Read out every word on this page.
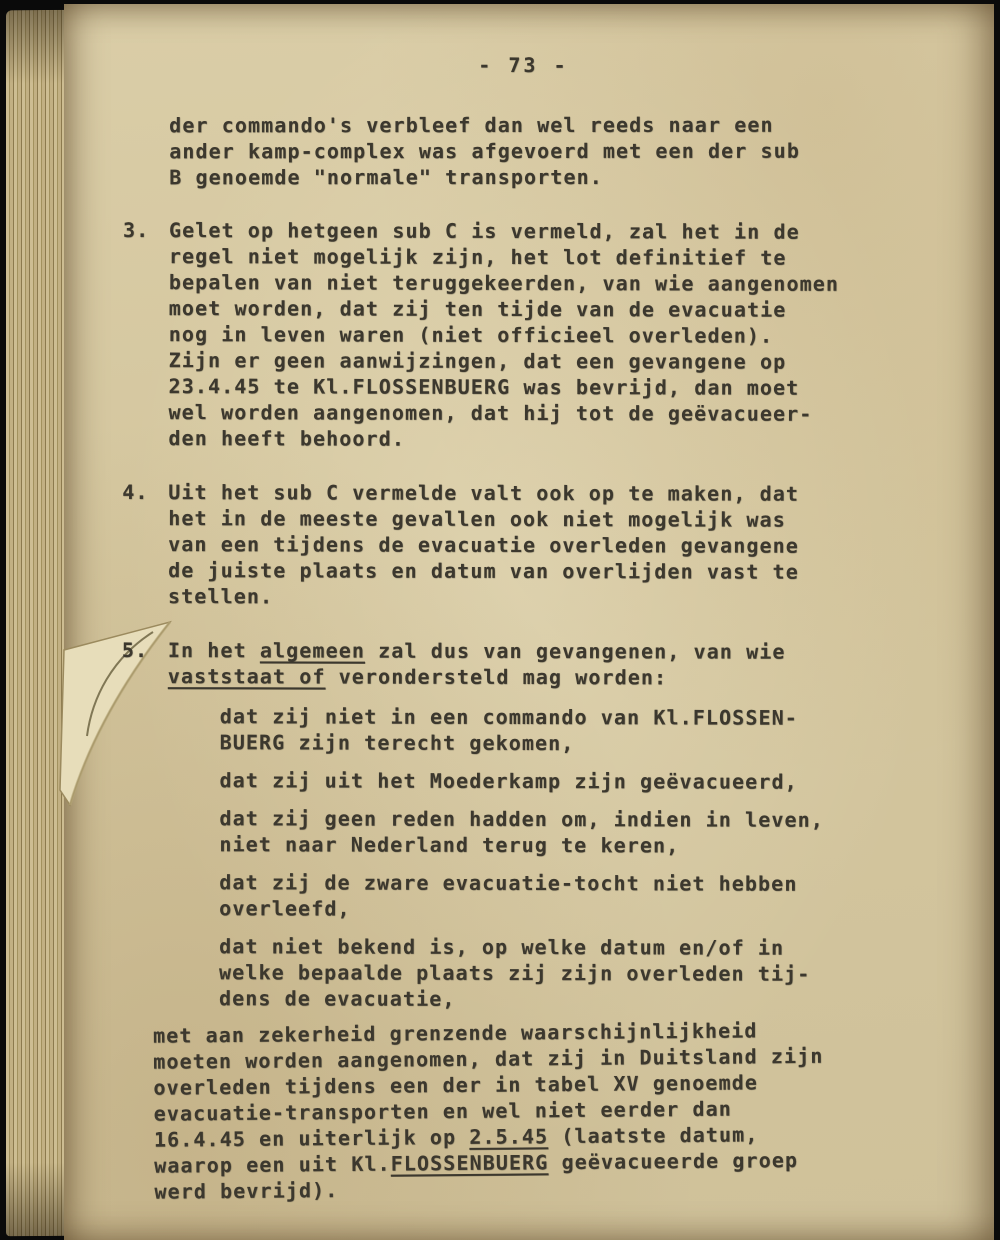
- 73 -

der commando's verbleef dan wel reeds naar een
ander kamp-complex was afgevoerd met een der sub
B genoemde "normale" transporten.

3. Gelet op hetgeen sub C is vermeld, zal het in de
regel niet mogelijk zijn, het lot definitief te
bepalen van niet teruggekeerden, van wie aangenomen
moet worden, dat zij ten tijde van de evacuatie
nog in leven waren (niet officieel overleden).
Zijn er geen aanwijzingen, dat een gevangene op
23.4.45 te Kl.FLOSSENBUERG was bevrijd, dan moet
wel worden aangenomen, dat hij tot de geëvacueer-
den heeft behoord.
4. Uit het sub C vermelde valt ook op te maken, dat
het in de meeste gevallen ook niet mogelijk was
van een tijdens de evacuatie overleden gevangene
de juiste plaats en datum van overlijden vast te
stellen.
5. In het algemeen zal dus van gevangenen, van wie
vaststaat of verondersteld mag worden:
dat zij niet in een commando van Kl.FLOSSEN-
BUERG zijn terecht gekomen,
dat zij uit het Moederkamp zijn geëvacueerd,
dat zij geen reden hadden om, indien in leven,
niet naar Nederland terug te keren,
dat zij de zware evacuatie-tocht niet hebben
overleefd,
dat niet bekend is, op welke datum en/of in
welke bepaalde plaats zij zijn overleden tij-
dens de evacuatie,
met aan zekerheid grenzende waarschijnlijkheid
moeten worden aangenomen, dat zij in Duitsland zijn
overleden tijdens een der in tabel XV genoemde
evacuatie-transporten en wel niet eerder dan
16.4.45 en uiterlijk op 2.5.45 (laatste datum,
waarop een uit Kl.FLOSSENBUERG geëvacueerde groep
werd bevrijd).
